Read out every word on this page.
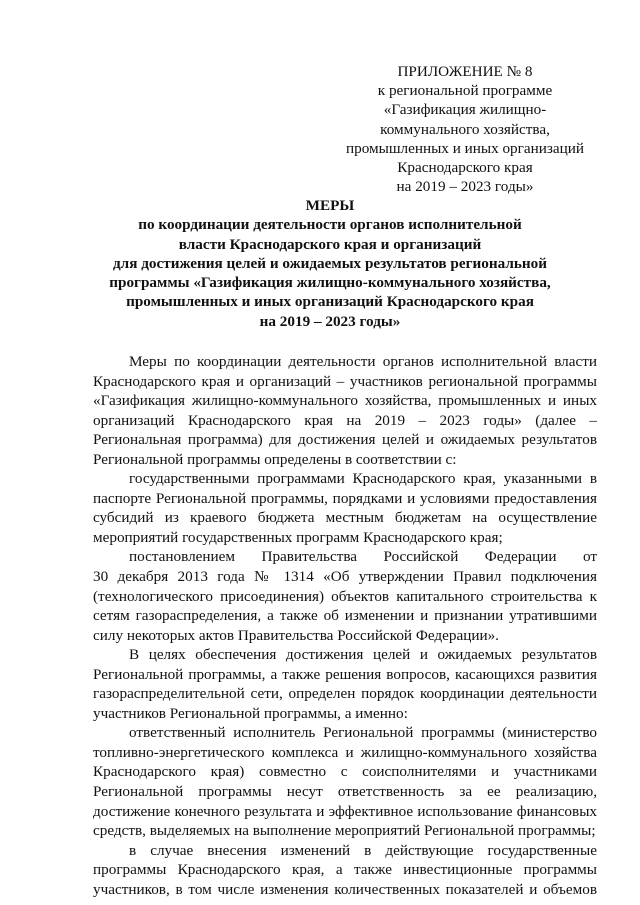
ПРИЛОЖЕНИЕ № 8
к региональной программе
«Газификация жилищно-
коммунального хозяйства,
промышленных и иных организаций
Краснодарского края
на 2019 – 2023 годы»
МЕРЫ
по координации деятельности органов исполнительной
власти Краснодарского края и организаций
для достижения целей и ожидаемых результатов региональной
программы «Газификация жилищно-коммунального хозяйства,
промышленных и иных организаций Краснодарского края
на 2019 – 2023 годы»
Меры по координации деятельности органов исполнительной власти
Краснодарского края и организаций – участников региональной программы
«Газификация жилищно-коммунального хозяйства, промышленных и иных
организаций Краснодарского края на 2019 – 2023 годы» (далее –
Региональная программа) для достижения целей и ожидаемых результатов
Региональной программы определены в соответствии с:
государственными программами Краснодарского края, указанными в
паспорте Региональной программы, порядками и условиями предоставления
субсидий из краевого бюджета местным бюджетам на осуществление
мероприятий государственных программ Краснодарского края;
постановлением Правительства Российской Федерации от
30 декабря 2013 года № 1314 «Об утверждении Правил подключения
(технологического присоединения) объектов капитального строительства к
сетям газораспределения, а также об изменении и признании утратившими
силу некоторых актов Правительства Российской Федерации».
В целях обеспечения достижения целей и ожидаемых результатов
Региональной программы, а также решения вопросов, касающихся развития
газораспределительной сети, определен порядок координации деятельности
участников Региональной программы, а именно:
ответственный исполнитель Региональной программы (министерство
топливно-энергетического комплекса и жилищно-коммунального хозяйства
Краснодарского края) совместно с соисполнителями и участниками
Региональной программы несут ответственность за ее реализацию,
достижение конечного результата и эффективное использование финансовых
средств, выделяемых на выполнение мероприятий Региональной программы;
в случае внесения изменений в действующие государственные
программы Краснодарского края, а также инвестиционные программы
участников, в том числе изменения количественных показателей и объемов
